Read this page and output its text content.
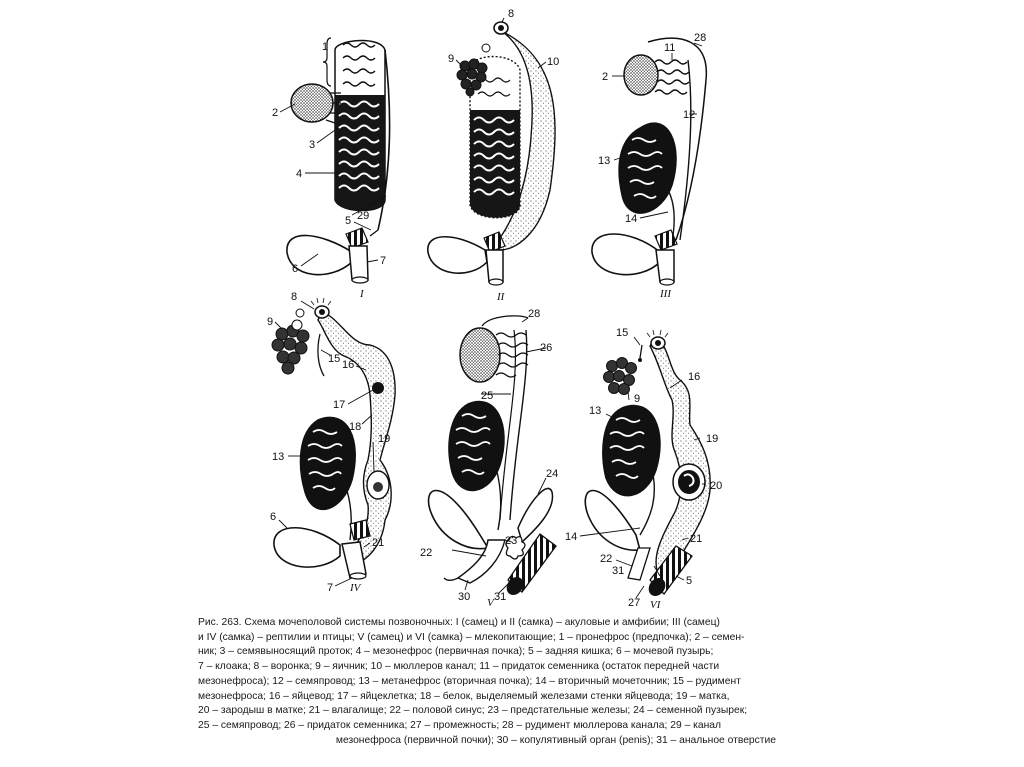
1
2
3
4
5
6
7
29
I
8
9	10
II
28
11
2
12
13
14
III
8
9
15 16
17
18
19
13
6
21
7 IV
28
26
25
24
22
23
30 31
V
15
16
9
13
19
20
14	21
22
5
27
31
VI
Рис. 263. Схема мочеполовой системы позвоночных: I (самец) и II (самка) – акуловые и амфибии; III (самец)
и IV (самка) – рептилии и птицы; V (самец) и VI (самка) – млекопитающие; 1 – пронефрос (предпочка); 2 – семен-
ник; 3 – семявыносящий проток; 4 – мезонефрос (первичная почка); 5 – задняя кишка; 6 – мочевой пузырь;
7 – клоака; 8 – воронка; 9 – яичник; 10 – мюллеров канал; 11 – придаток семенника (остаток передней части
мезонефроса); 12 – семяпровод; 13 – метанефрос (вторичная почка); 14 – вторичный мочеточник; 15 – рудимент
мезонефроса; 16 – яйцевод; 17 – яйцеклетка; 18 – белок, выделяемый железами стенки яйцевода; 19 – матка,
20 – зародыш в матке; 21 – влагалище; 22 – половой синус; 23 – предстательные железы; 24 – семенной пузырек;
25 – семяпровод; 26 – придаток семенника; 27 – промежность; 28 – рудимент мюллерова канала; 29 – канал
мезонефроса (первичной почки); 30 – копулятивный орган (penis); 31 – анальное отверстие
